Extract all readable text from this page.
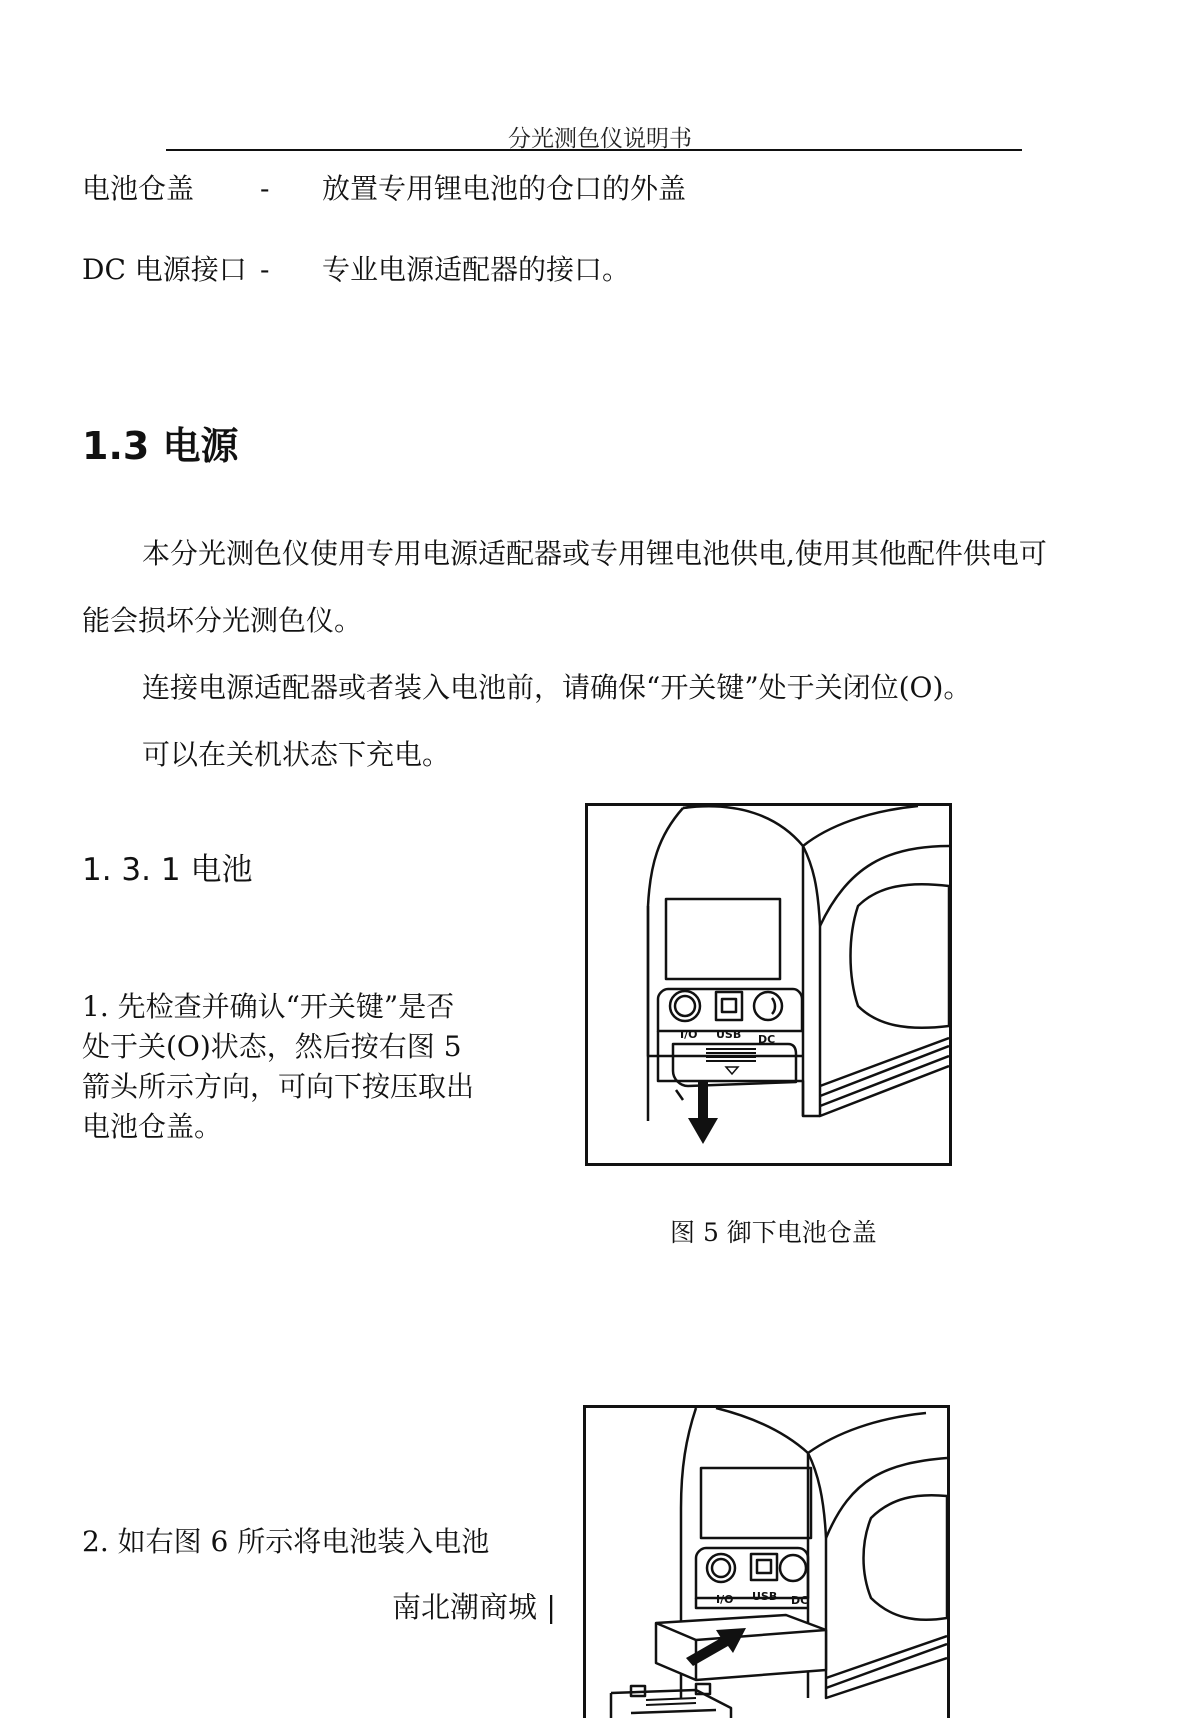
分光测色仪说明书
电池仓盖 - 放置专用锂电池的仓口的外盖
DC 电源接口 - 专业电源适配器的接口。
1.3 电源
本分光测色仪使用专用电源适配器或专用锂电池供电,使用其他配件供电可
能会损坏分光测色仪。
连接电源适配器或者装入电池前，请确保“开关键”处于关闭位(O)。
可以在关机状态下充电。
1. 3. 1 电池
1. 先检查并确认“开关键”是否
处于关(O)状态，然后按右图 5
箭头所示方向，可向下按压取出
电池仓盖。
I/O USB DC
图 5 御下电池仓盖
2. 如右图 6 所示将电池装入电池
I/O USB DC
南北潮商城 |
